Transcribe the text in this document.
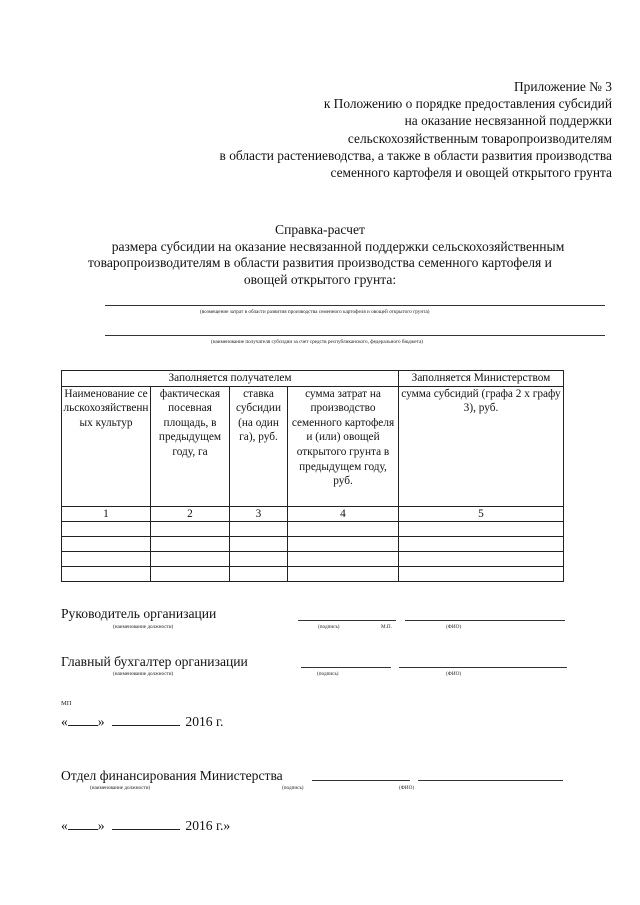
Приложение № 3
к Положению о порядке предоставления субсидий
на оказание несвязанной поддержки
сельскохозяйственным товаропроизводителям
в области растениеводства, а также в области развития производства
семенного картофеля и овощей открытого грунта
Справка-расчет
размера субсидии на оказание несвязанной поддержки сельскохозяйственным
товаропроизводителям в области развития производства семенного картофеля и
овощей открытого грунта:
(возмещение затрат в области развития производства семенного картофеля и овощей открытого грунта)
(наименование получателя субсидии за счет средств республиканского, федерального бюджета)
Заполняется получателем				Заполняется Министерством
Наименование сельскохозяйственных культур	фактическая посевная площадь, в предыдущем году, га	ставка субсидии (на один га), руб.	сумма затрат на производство семенного картофеля и (или) овощей открытого грунта в предыдущем году, руб.	сумма субсидий (графа 2 х графу 3), руб.
1	2	3	4	5

Руководитель организации
(наименование должности)	(подпись)	М.П.	(ФИО)
Главный бухгалтер организации
(наименование должности)	(подпись)	(ФИО)
МП
« »	2016 г.
Отдел финансирования Министерства
(наименование должности)	(подпись)	(ФИО)
« »	2016 г.»
